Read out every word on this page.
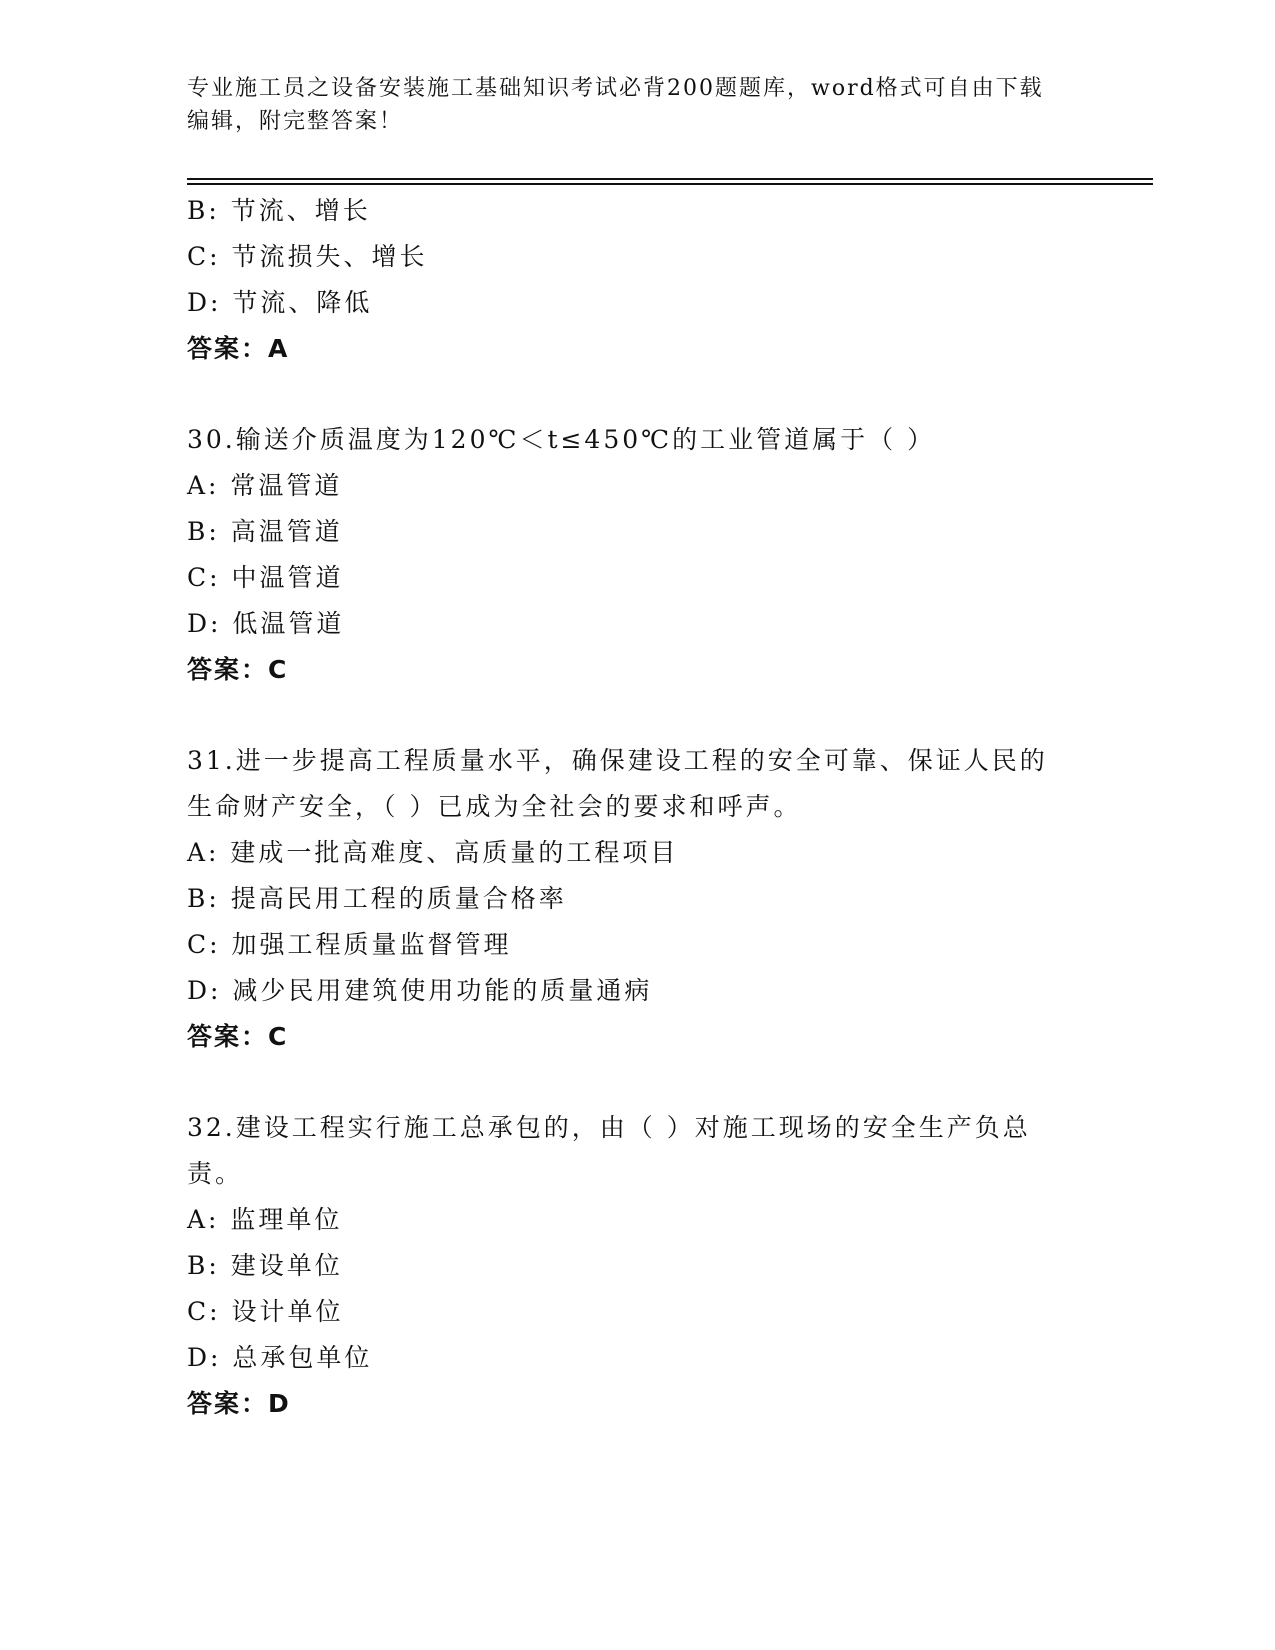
专业施工员之设备安装施工基础知识考试必背200题题库，word格式可自由下载
编辑，附完整答案！
B: 节流、增长
C: 节流损失、增长
D: 节流、降低
答案：A
30.输送介质温度为120℃＜t≤450℃的工业管道属于（ ）
A: 常温管道
B: 高温管道
C: 中温管道
D: 低温管道
答案：C
31.进一步提高工程质量水平，确保建设工程的安全可靠、保证人民的
生命财产安全，（ ）已成为全社会的要求和呼声。
A: 建成一批高难度、高质量的工程项目
B: 提高民用工程的质量合格率
C: 加强工程质量监督管理
D: 减少民用建筑使用功能的质量通病
答案：C
32.建设工程实行施工总承包的，由（ ）对施工现场的安全生产负总
责。
A: 监理单位
B: 建设单位
C: 设计单位
D: 总承包单位
答案：D
